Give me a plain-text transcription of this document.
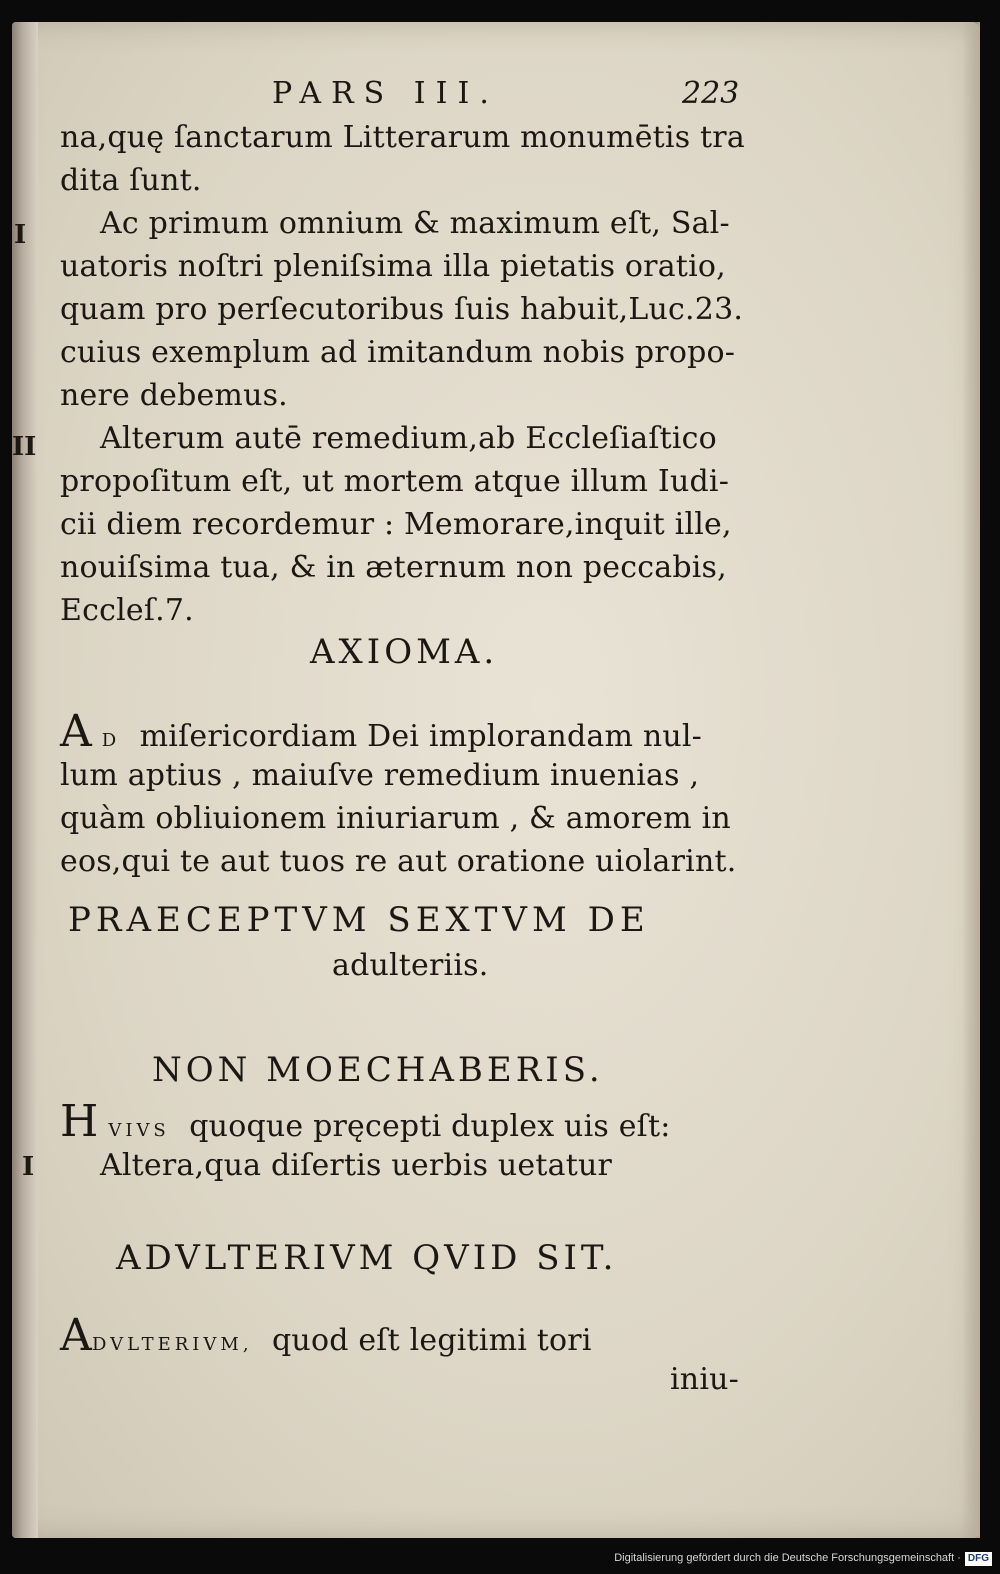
I
II
I
PARS III.	223
na,quę ſanctarum Litterarum monumētis tra
dita ſunt.
Ac primum omnium & maximum eſt, Sal-
uatoris noſtri pleniſsima illa pietatis oratio,
quam pro perſecutoribus ſuis habuit,Luc.23.
cuius exemplum ad imitandum nobis propo-
nere debemus.
Alterum autē remedium,ab Eccleſiaſtico
propoſitum eſt, ut mortem atque illum Iudi-
cii diem recordemur : Memorare,inquit ille,
nouiſsima tua, & in æternum non peccabis,
Eccleſ.7.
AXIOMA.
A D miſericordiam Dei implorandam nul-
lum aptius , maiuſve remedium inuenias ,
quàm obliuionem iniuriarum , & amorem in
eos,qui te aut tuos re aut oratione uiolarint.
PRAECEPTVM SEXTVM DE
adulteriis.
NON MOECHABERIS.
H VIVS quoque pręcepti duplex uis eſt:
Altera,qua diſertis uerbis uetatur
ADVLTERIVM QVID SIT.
ADVLTERIVM, quod eſt legitimi tori
iniu-
Digitalisierung gefördert durch die Deutsche Forschungsgemeinschaft · DFG
